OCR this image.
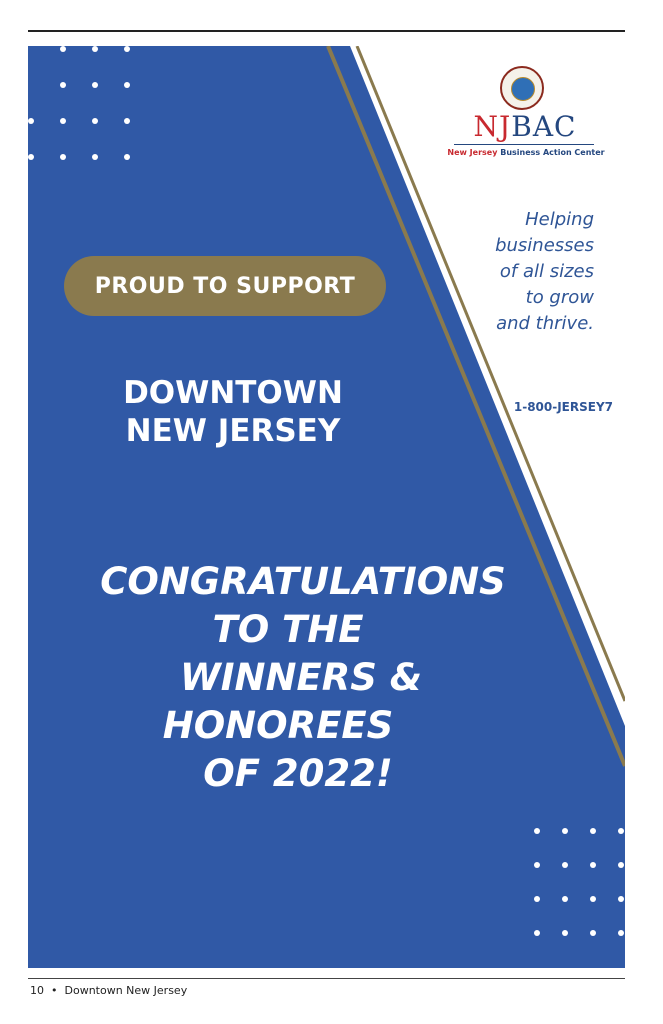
PROUD TO SUPPORT
DOWNTOWN
NEW JERSEY
CONGRATULATIONS
TO THE
WINNERS &
HONOREES
OF 2022!
NJBAC
New Jersey Business Action Center
Helping
businesses
of all sizes
to grow
and thrive.
1-800-JERSEY7
10 • Downtown New Jersey
